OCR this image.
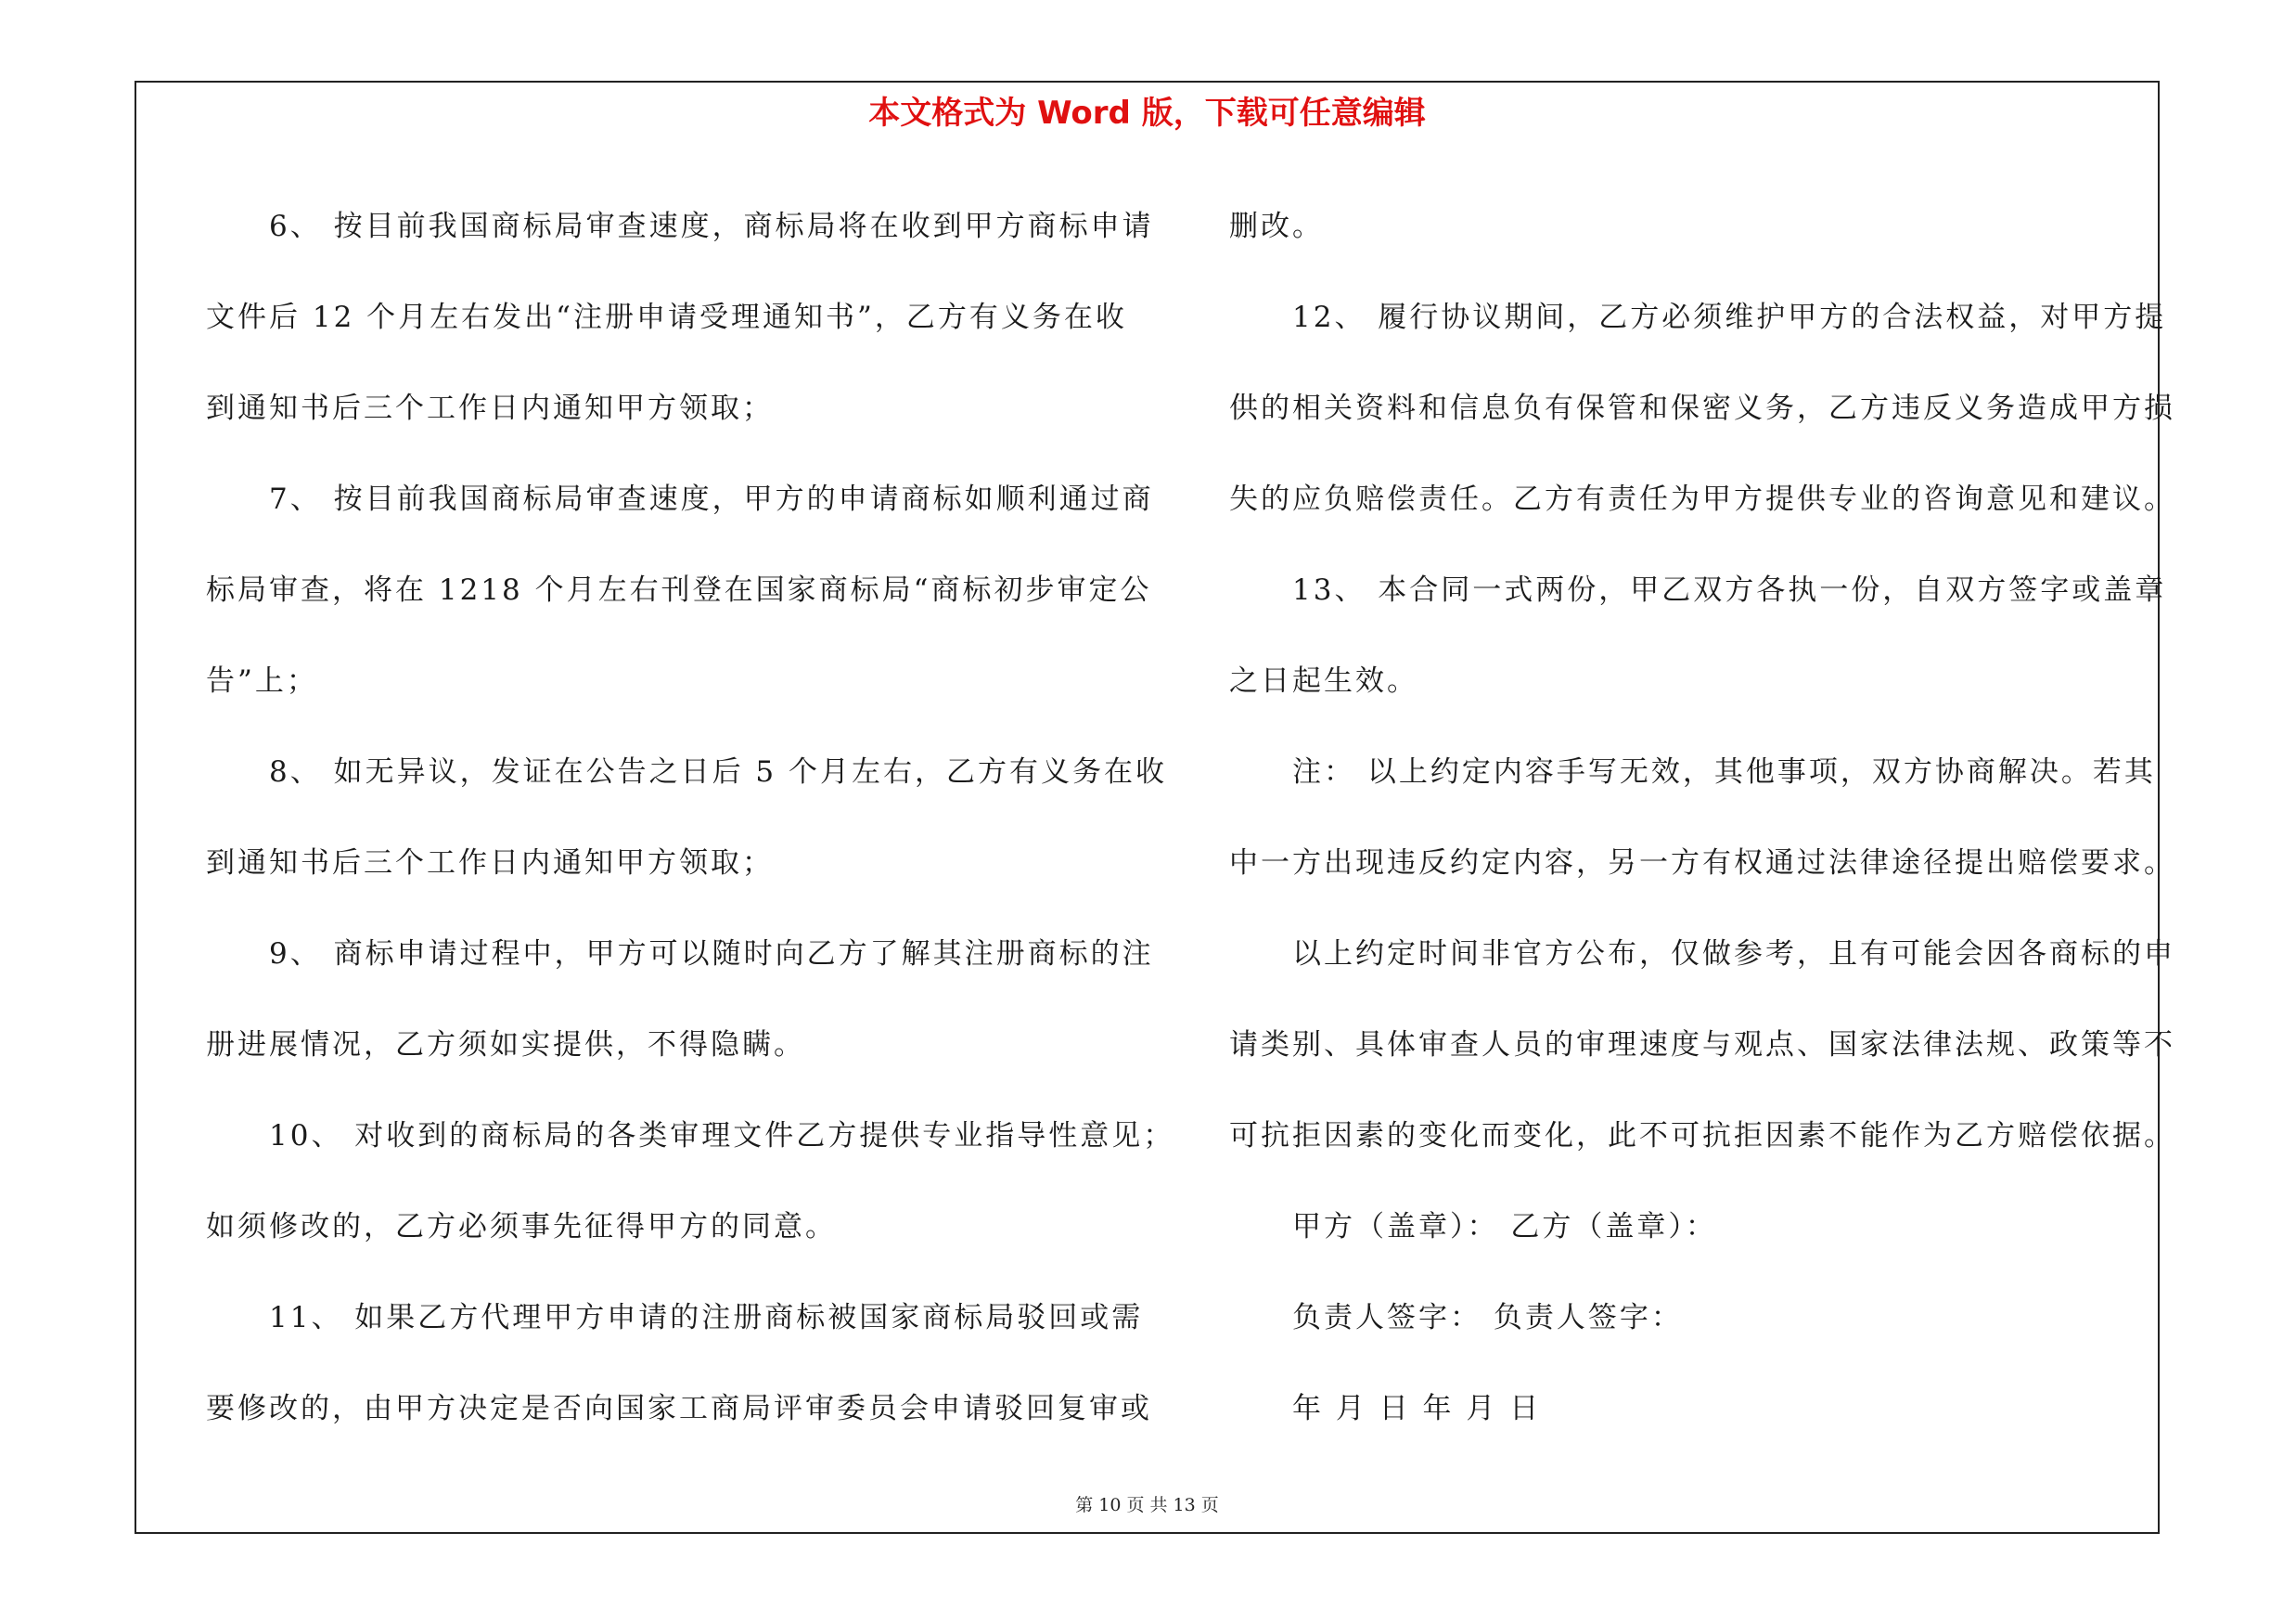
本文格式为 Word 版，下载可任意编辑

6、 按目前我国商标局审查速度，商标局将在收到甲方商标申请

文件后 12 个月左右发出“注册申请受理通知书”，乙方有义务在收

到通知书后三个工作日内通知甲方领取；

7、 按目前我国商标局审查速度，甲方的申请商标如顺利通过商

标局审查，将在 1218 个月左右刊登在国家商标局“商标初步审定公

告”上；

8、 如无异议，发证在公告之日后 5 个月左右，乙方有义务在收

到通知书后三个工作日内通知甲方领取；

9、 商标申请过程中，甲方可以随时向乙方了解其注册商标的注

册进展情况，乙方须如实提供，不得隐瞒。

10、 对收到的商标局的各类审理文件乙方提供专业指导性意见；

如须修改的，乙方必须事先征得甲方的同意。

11、 如果乙方代理甲方申请的注册商标被国家商标局驳回或需

要修改的，由甲方决定是否向国家工商局评审委员会申请驳回复审或

删改。

12、 履行协议期间，乙方必须维护甲方的合法权益，对甲方提

供的相关资料和信息负有保管和保密义务，乙方违反义务造成甲方损

失的应负赔偿责任。乙方有责任为甲方提供专业的咨询意见和建议。

13、 本合同一式两份，甲乙双方各执一份，自双方签字或盖章

之日起生效。

注： 以上约定内容手写无效，其他事项，双方协商解决。若其

中一方出现违反约定内容，另一方有权通过法律途径提出赔偿要求。

以上约定时间非官方公布，仅做参考，且有可能会因各商标的申

请类别、具体审查人员的审理速度与观点、国家法律法规、政策等不

可抗拒因素的变化而变化，此不可抗拒因素不能作为乙方赔偿依据。

甲方（盖章）： 乙方（盖章）：

负责人签字： 负责人签字：

年 月 日 年 月 日

第 10 页 共 13 页
